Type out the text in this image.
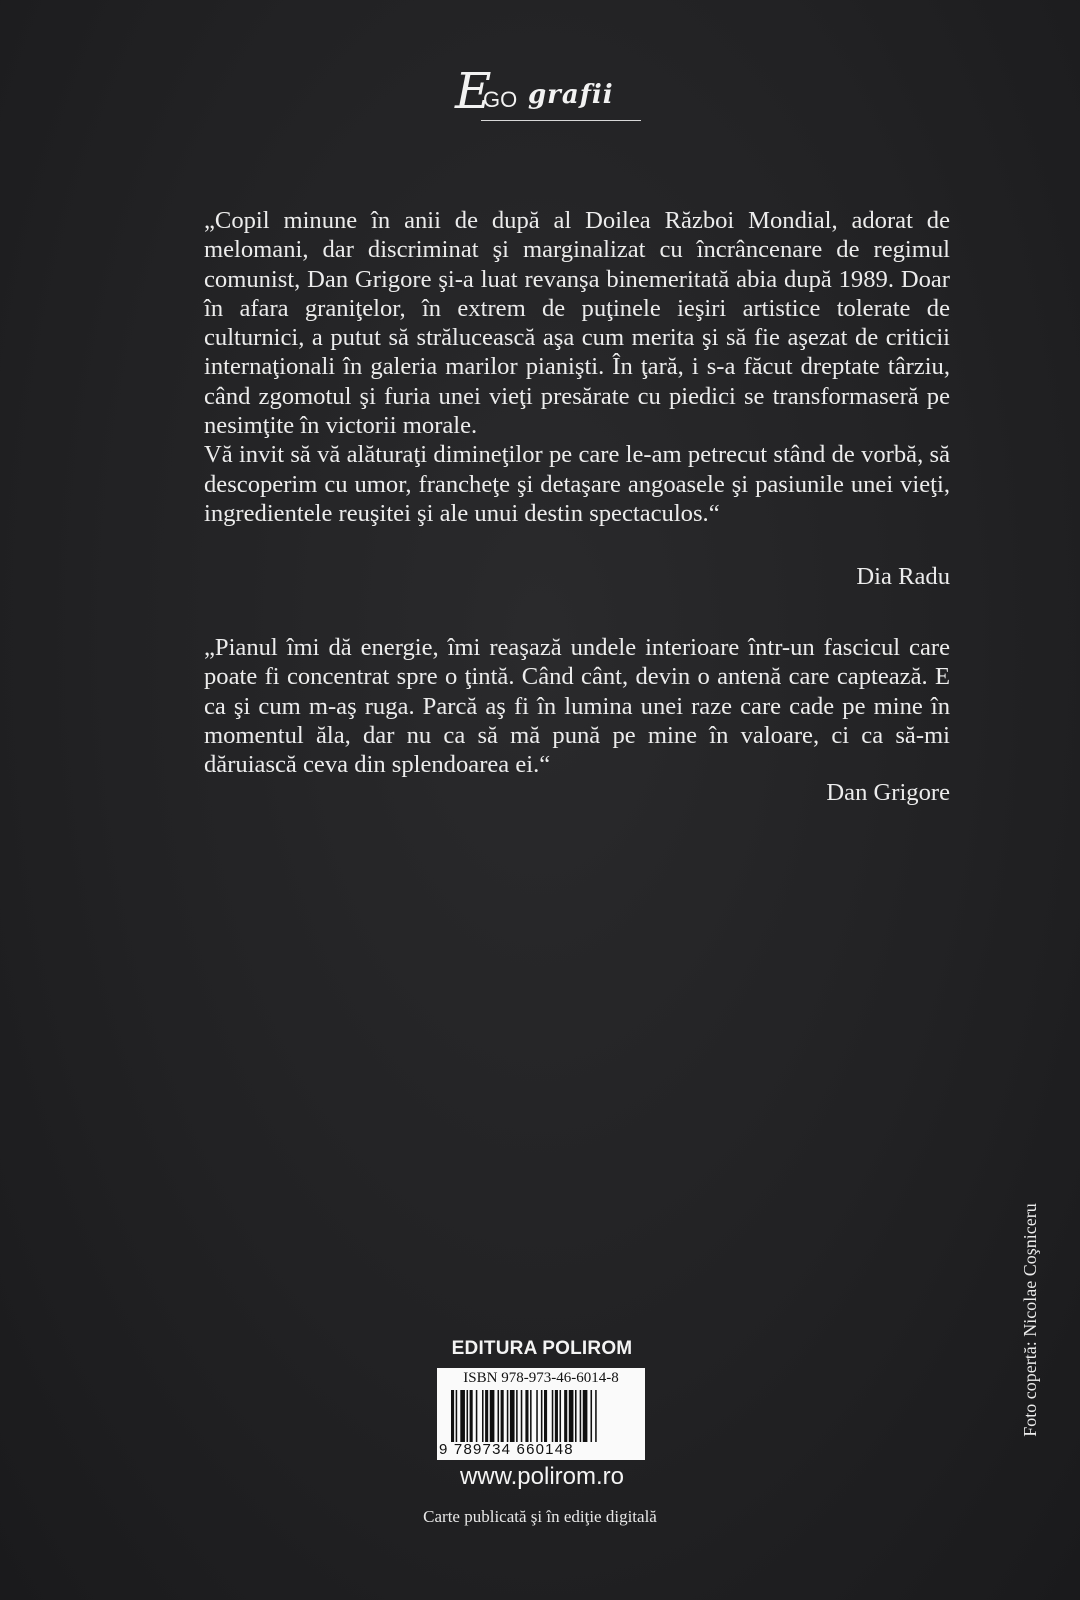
E
GO grafii

„Copil minune în anii de după al Doilea Război Mondial, adorat de melomani, dar discriminat şi marginalizat cu încrâncenare de regimul comunist, Dan Grigore şi-a luat revanşa binemeritată abia după 1989. Doar în afara graniţelor, în extrem de puţinele ieşiri artistice tolerate de culturnici, a putut să strălucească aşa cum merita şi să fie aşezat de criticii internaţionali în galeria marilor pianişti. În ţară, i s-a făcut dreptate târziu, când zgomotul şi furia unei vieţi presărate cu piedici se transformaseră pe nesimţite în victorii morale.

Vă invit să vă alăturaţi dimineţilor pe care le-am petrecut stând de vorbă, să descoperim cu umor, francheţe şi detaşare angoasele şi pasiunile unei vieţi, ingredientele reuşitei şi ale unui destin spectaculos.“

Dia Radu

„Pianul îmi dă energie, îmi reaşază undele interioare într-un fascicul care poate fi concentrat spre o ţintă. Când cânt, devin o antenă care captează. E ca şi cum m-aş ruga. Parcă aş fi în lumina unei raze care cade pe mine în momentul ăla, dar nu ca să mă pună pe mine în valoare, ci ca să-mi dăruiască ceva din splendoarea ei.“

Dan Grigore
EDITURA POLIROM
ISBN 978-973-46-6014-8
9 789734 660148
www.polirom.ro
Carte publicată şi în ediţie digitală
Foto copertă: Nicolae Coşniceru
